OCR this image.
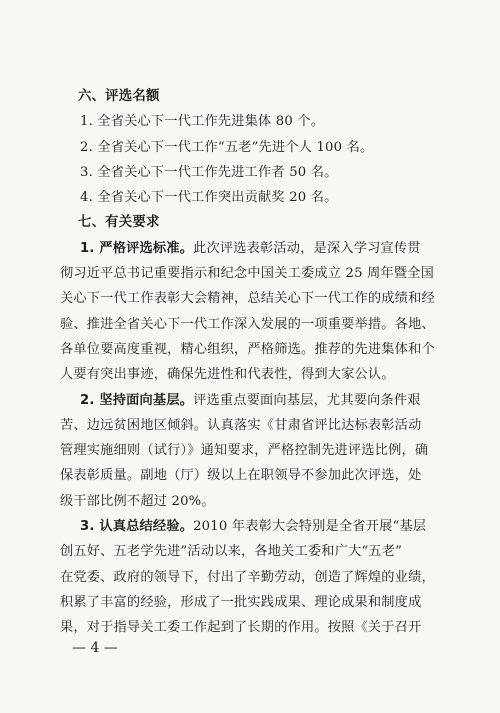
六、评选名额
1. 全省关心下一代工作先进集体 80 个。
2. 全省关心下一代工作“五老”先进个人 100 名。
3. 全省关心下一代工作先进工作者 50 名。
4. 全省关心下一代工作突出贡献奖 20 名。
七、有关要求
1. 严格评选标准。此次评选表彰活动，是深入学习宣传贯
彻习近平总书记重要指示和纪念中国关工委成立 25 周年暨全国
关心下一代工作表彰大会精神，总结关心下一代工作的成绩和经
验、推进全省关心下一代工作深入发展的一项重要举措。各地、
各单位要高度重视，精心组织，严格筛选。推荐的先进集体和个
人要有突出事迹，确保先进性和代表性，得到大家公认。
2. 坚持面向基层。评选重点要面向基层，尤其要向条件艰
苦、边远贫困地区倾斜。认真落实《甘肃省评比达标表彰活动
管理实施细则（试行）》通知要求，严格控制先进评选比例，确
保表彰质量。副地（厅）级以上在职领导不参加此次评选，处
级干部比例不超过 20%。
3. 认真总结经验。2010 年表彰大会特别是全省开展“基层
创五好、五老学先进”活动以来，各地关工委和广大“五老”
在党委、政府的领导下，付出了辛勤劳动，创造了辉煌的业绩，
积累了丰富的经验，形成了一批实践成果、理论成果和制度成
果，对于指导关工委工作起到了长期的作用。按照《关于召开
— 4 —
